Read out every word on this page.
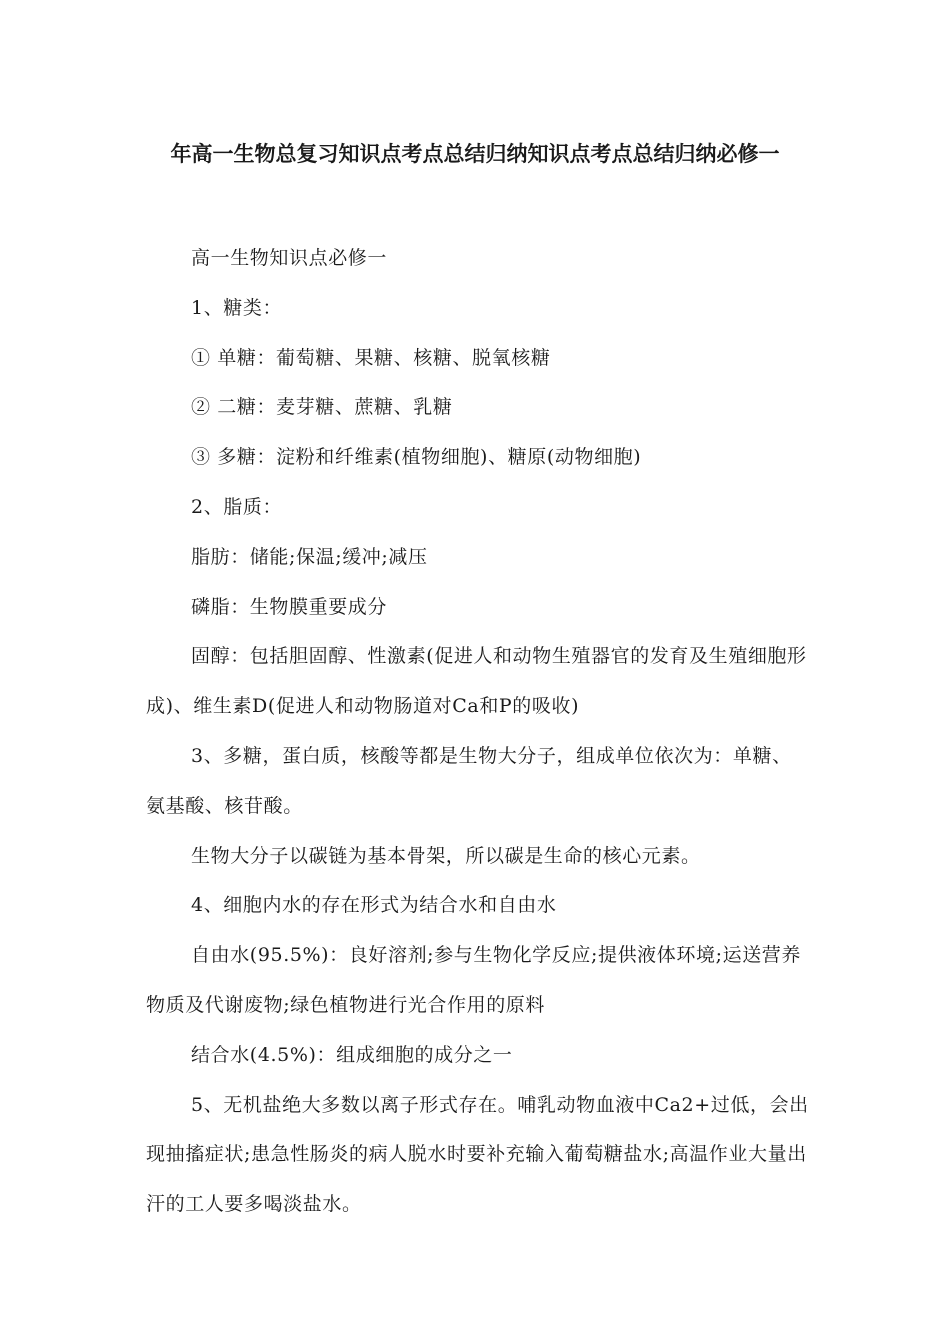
年高一生物总复习知识点考点总结归纳知识点考点总结归纳必修一

高一生物知识点必修一

1、糖类：

① 单糖：葡萄糖、果糖、核糖、脱氧核糖

② 二糖：麦芽糖、蔗糖、乳糖

③ 多糖：淀粉和纤维素(植物细胞)、糖原(动物细胞)

2、脂质：

脂肪：储能;保温;缓冲;减压

磷脂：生物膜重要成分

固醇：包括胆固醇、性激素(促进人和动物生殖器官的发育及生殖细胞形成)、维生素D(促进人和动物肠道对Ca和P的吸收)

3、多糖，蛋白质，核酸等都是生物大分子，组成单位依次为：单糖、氨基酸、核苷酸。

生物大分子以碳链为基本骨架，所以碳是生命的核心元素。

4、细胞内水的存在形式为结合水和自由水

自由水(95.5%)：良好溶剂;参与生物化学反应;提供液体环境;运送营养物质及代谢废物;绿色植物进行光合作用的原料

结合水(4.5%)：组成细胞的成分之一

5、无机盐绝大多数以离子形式存在。哺乳动物血液中Ca2+过低，会出现抽搐症状;患急性肠炎的病人脱水时要补充输入葡萄糖盐水;高温作业大量出汗的工人要多喝淡盐水。
